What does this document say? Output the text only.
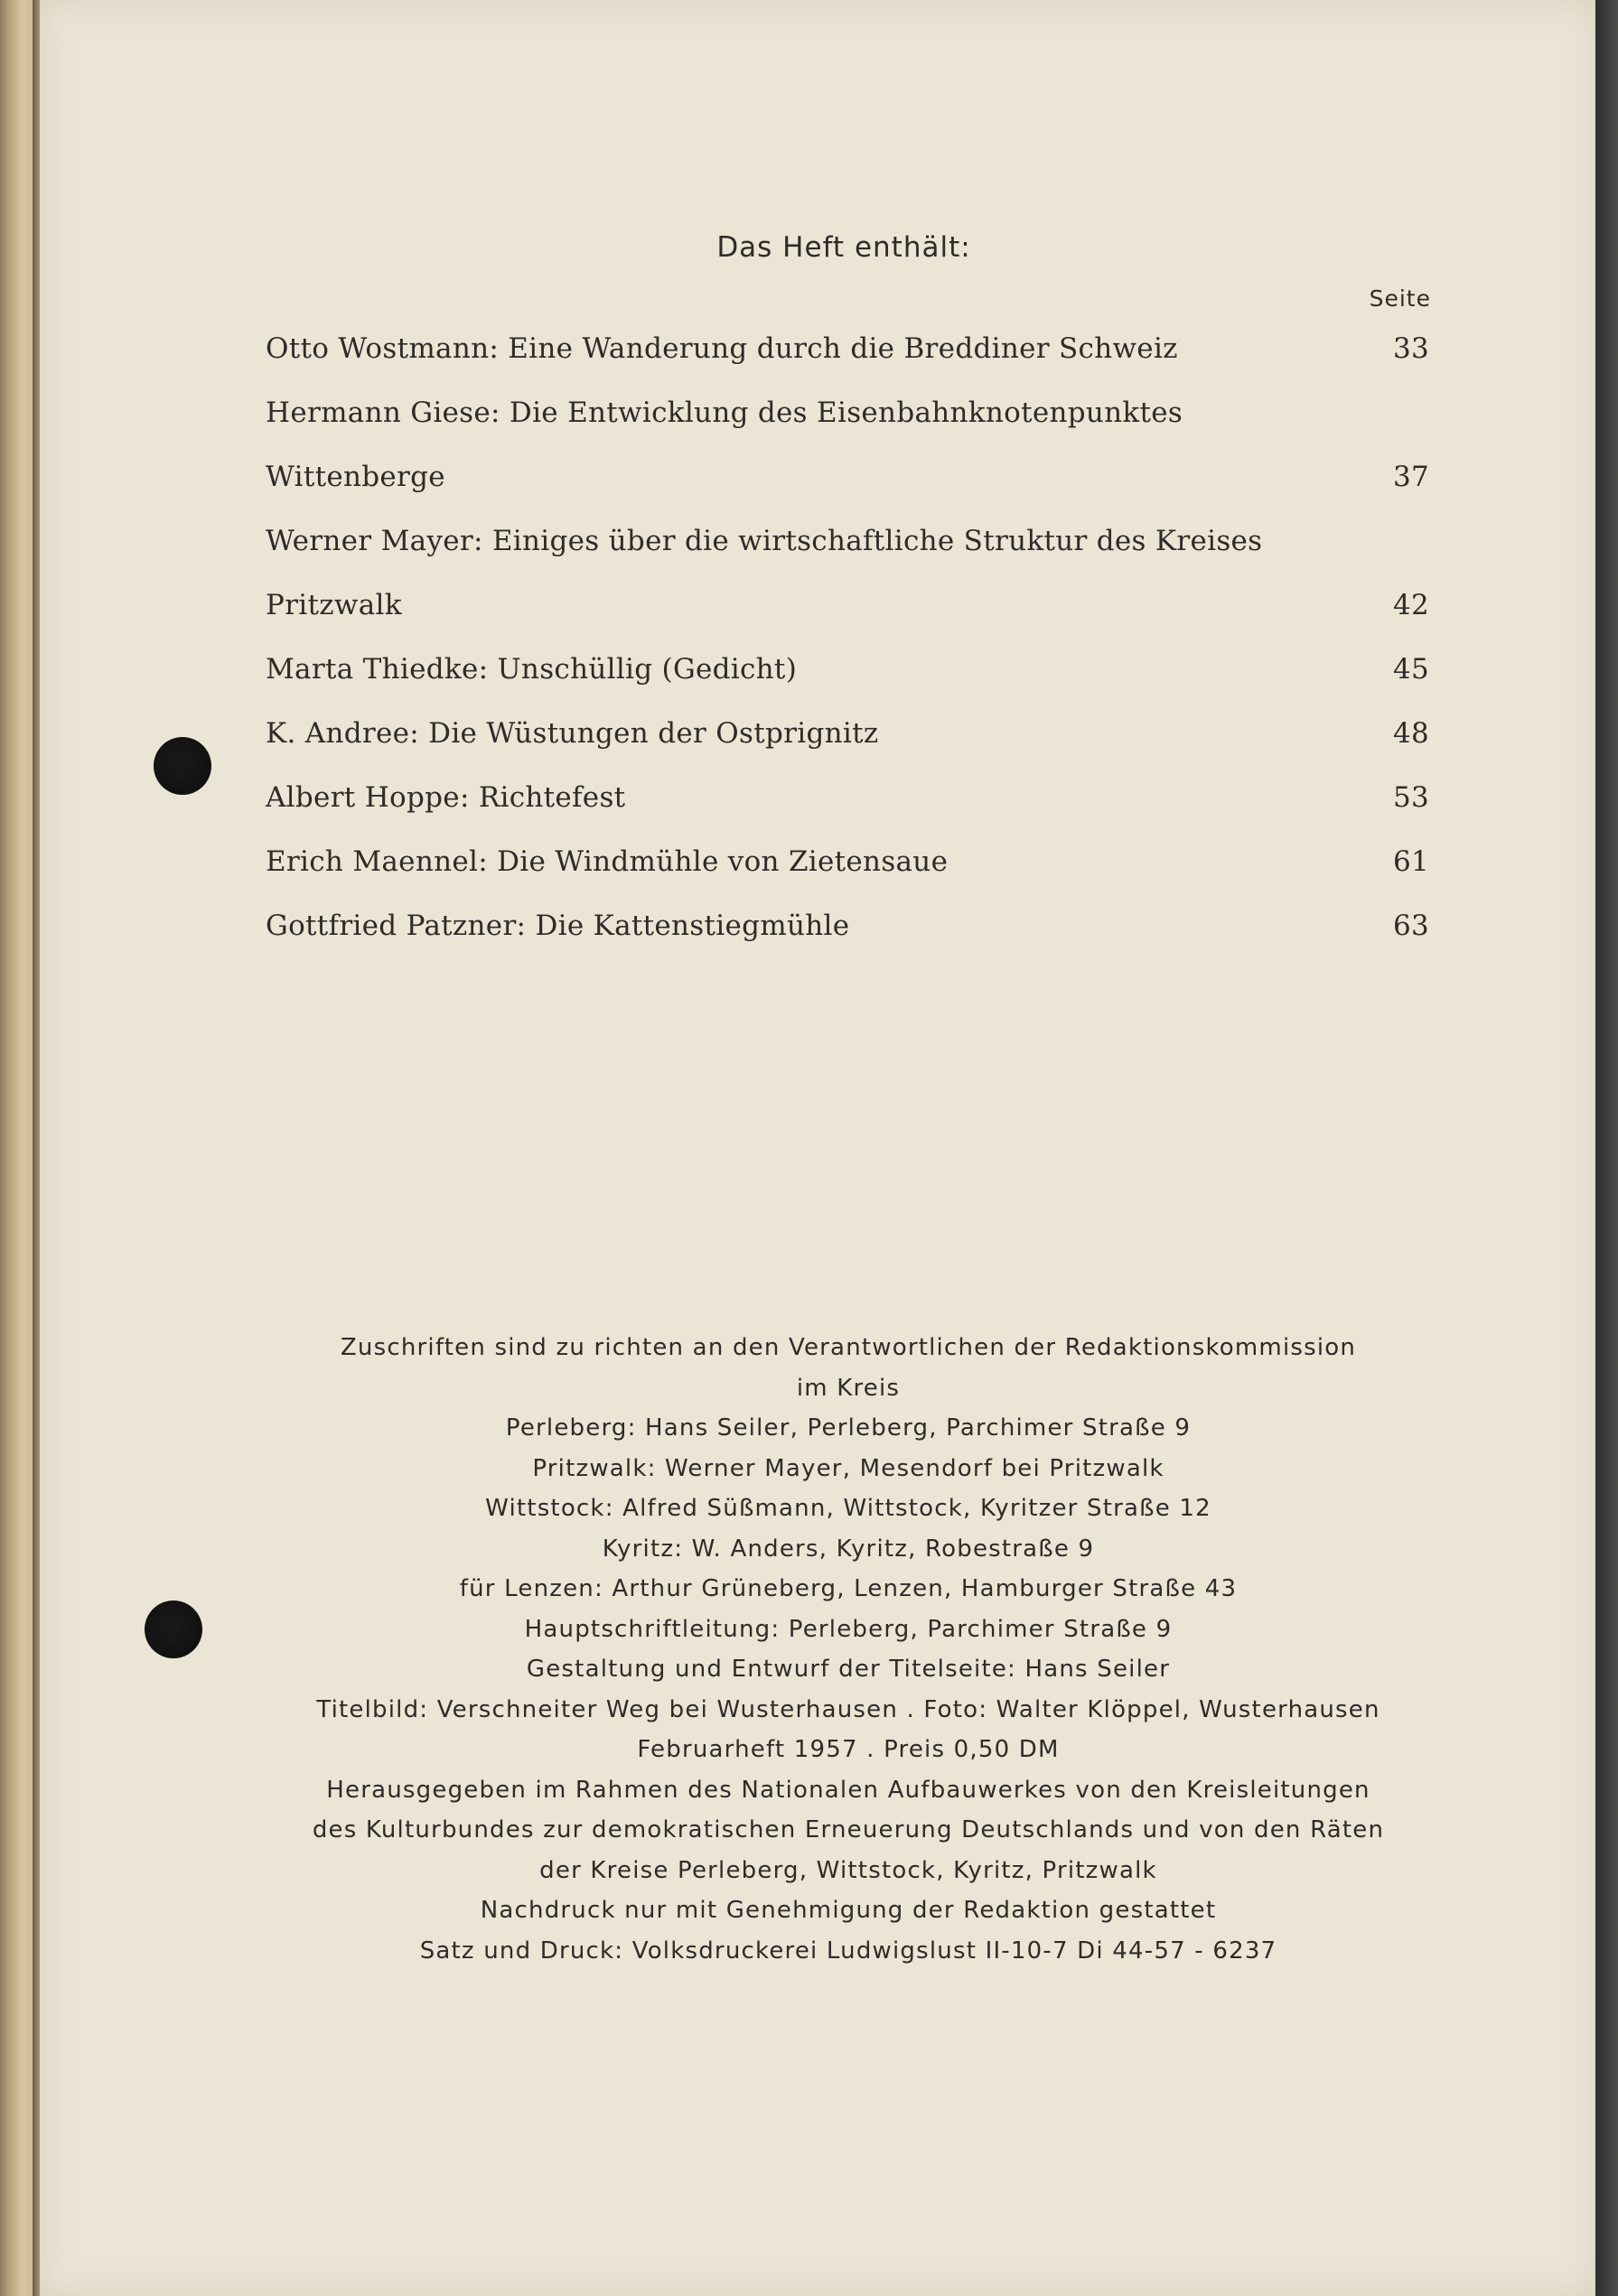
Das Heft enthält:
Seite
Otto Wostmann: Eine Wanderung durch die Breddiner Schweiz	33
Hermann Giese: Die Entwicklung des Eisenbahnknotenpunktes
Wittenberge	37
Werner Mayer: Einiges über die wirtschaftliche Struktur des Kreises
Pritzwalk	42
Marta Thiedke: Unschüllig (Gedicht)	45
K. Andree: Die Wüstungen der Ostprignitz	48
Albert Hoppe: Richtefest	53
Erich Maennel: Die Windmühle von Zietensaue	61
Gottfried Patzner: Die Kattenstiegmühle	63
Zuschriften sind zu richten an den Verantwortlichen der Redaktionskommission
im Kreis
Perleberg: Hans Seiler, Perleberg, Parchimer Straße 9
Pritzwalk: Werner Mayer, Mesendorf bei Pritzwalk
Wittstock: Alfred Süßmann, Wittstock, Kyritzer Straße 12
Kyritz: W. Anders, Kyritz, Robestraße 9
für Lenzen: Arthur Grüneberg, Lenzen, Hamburger Straße 43
Hauptschriftleitung: Perleberg, Parchimer Straße 9
Gestaltung und Entwurf der Titelseite: Hans Seiler
Titelbild: Verschneiter Weg bei Wusterhausen . Foto: Walter Klöppel, Wusterhausen
Februarheft 1957 . Preis 0,50 DM
Herausgegeben im Rahmen des Nationalen Aufbauwerkes von den Kreisleitungen
des Kulturbundes zur demokratischen Erneuerung Deutschlands und von den Räten
der Kreise Perleberg, Wittstock, Kyritz, Pritzwalk
Nachdruck nur mit Genehmigung der Redaktion gestattet
Satz und Druck: Volksdruckerei Ludwigslust II-10-7 Di 44-57 - 6237
